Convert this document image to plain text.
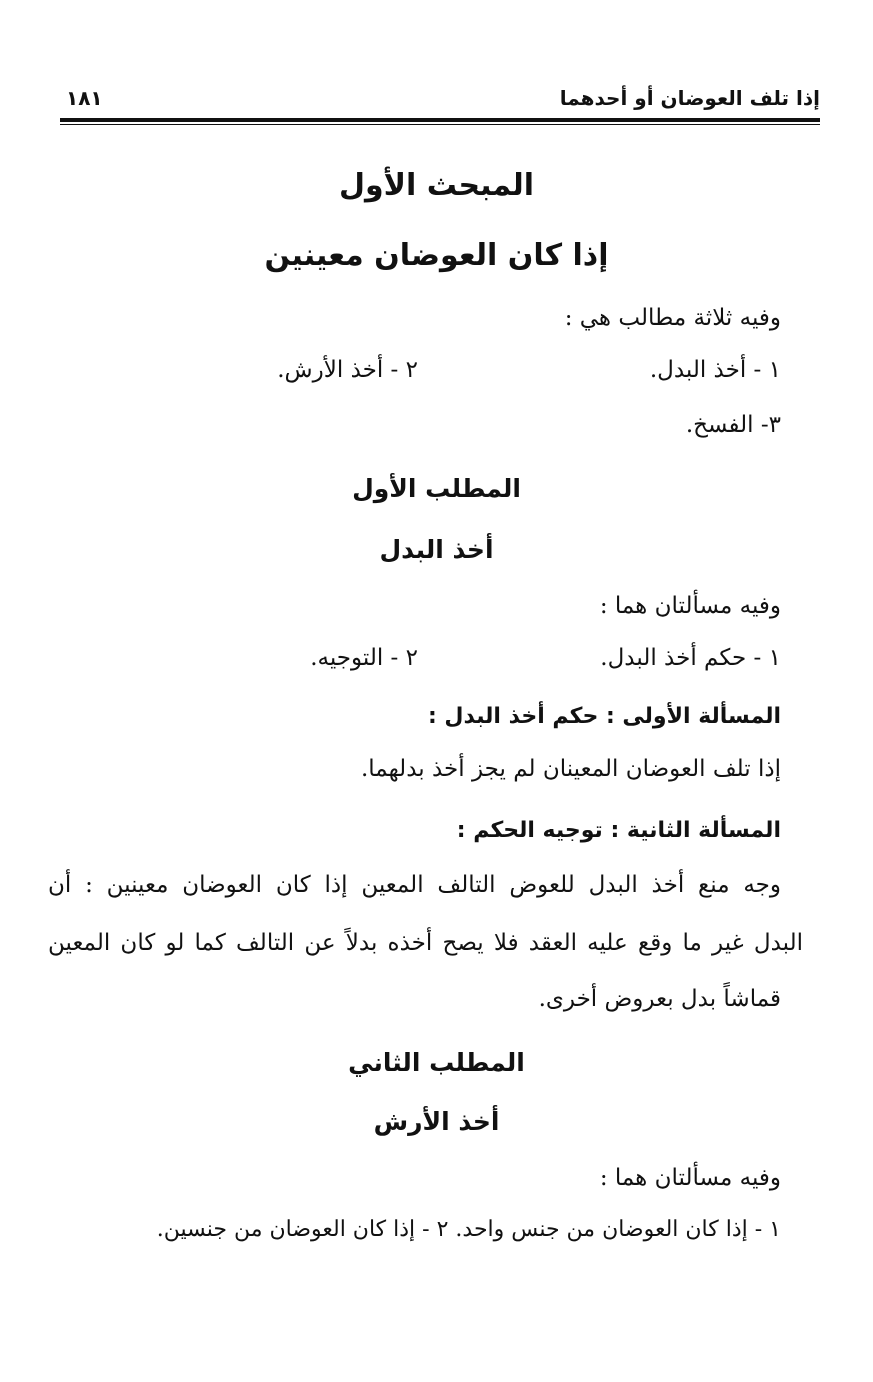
إذا تلف العوضان أو أحدهما
١٨١
المبحث الأول
إذا كان العوضان معينين
وفيه ثلاثة مطالب هي :
١ - أخذ البدل.
٢ - أخذ الأرش.
٣- الفسخ.
المطلب الأول
أخذ البدل
وفيه مسألتان هما :
١ - حكم أخذ البدل.
٢ - التوجيه.
المسألة الأولى : حكم أخذ البدل :
إذا تلف العوضان المعينان لم يجز أخذ بدلهما.
المسألة الثانية : توجيه الحكم :
وجه منع أخذ البدل للعوض التالف المعين إذا كان العوضان معينين : أن
البدل غير ما وقع عليه العقد فلا يصح أخذه بدلاً عن التالف كما لو كان المعين
قماشاً بدل بعروض أخرى.
المطلب الثاني
أخذ الأرش
وفيه مسألتان هما :
١ - إذا كان العوضان من جنس واحد. ٢ - إذا كان العوضان من جنسين.
